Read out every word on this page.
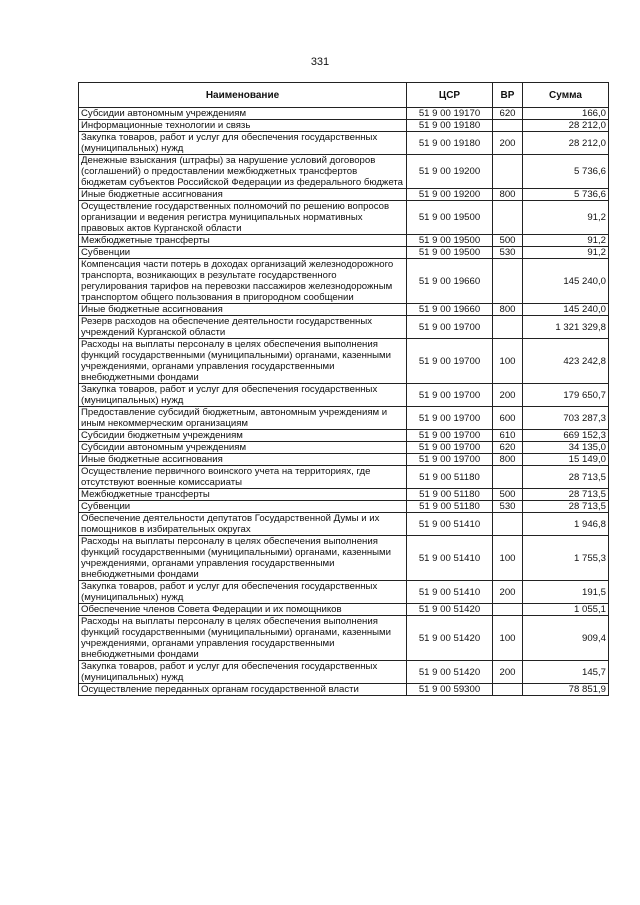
331
Наименование	ЦСР	ВР	Сумма
Субсидии автономным учреждениям	51 9 00 19170	620	166,0
Информационные технологии и связь	51 9 00 19180		28 212,0
Закупка товаров, работ и услуг для обеспечения государственных (муниципальных) нужд	51 9 00 19180	200	28 212,0
Денежные взыскания (штрафы) за нарушение условий договоров (соглашений) о предоставлении межбюджетных трансфертов бюджетам субъектов Российской Федерации из федерального бюджета	51 9 00 19200		5 736,6
Иные бюджетные ассигнования	51 9 00 19200	800	5 736,6
Осуществление государственных полномочий по решению вопросов организации и ведения регистра муниципальных нормативных правовых актов Курганской области	51 9 00 19500		91,2
Межбюджетные трансферты	51 9 00 19500	500	91,2
Субвенции	51 9 00 19500	530	91,2
Компенсация части потерь в доходах организаций железнодорожного транспорта, возникающих в результате государственного регулирования тарифов на перевозки пассажиров железнодорожным транспортом общего пользования в пригородном сообщении	51 9 00 19660		145 240,0
Иные бюджетные ассигнования	51 9 00 19660	800	145 240,0
Резерв расходов на обеспечение деятельности государственных учреждений Курганской области	51 9 00 19700		1 321 329,8
Расходы на выплаты персоналу в целях обеспечения выполнения функций государственными (муниципальными) органами, казенными учреждениями, органами управления государственными внебюджетными фондами	51 9 00 19700	100	423 242,8
Закупка товаров, работ и услуг для обеспечения государственных (муниципальных) нужд	51 9 00 19700	200	179 650,7
Предоставление субсидий бюджетным, автономным учреждениям и иным некоммерческим организациям	51 9 00 19700	600	703 287,3
Субсидии бюджетным учреждениям	51 9 00 19700	610	669 152,3
Субсидии автономным учреждениям	51 9 00 19700	620	34 135,0
Иные бюджетные ассигнования	51 9 00 19700	800	15 149,0
Осуществление первичного воинского учета на территориях, где отсутствуют военные комиссариаты	51 9 00 51180		28 713,5
Межбюджетные трансферты	51 9 00 51180	500	28 713,5
Субвенции	51 9 00 51180	530	28 713,5
Обеспечение деятельности депутатов Государственной Думы и их помощников в избирательных округах	51 9 00 51410		1 946,8
Расходы на выплаты персоналу в целях обеспечения выполнения функций государственными (муниципальными) органами, казенными учреждениями, органами управления государственными внебюджетными фондами	51 9 00 51410	100	1 755,3
Закупка товаров, работ и услуг для обеспечения государственных (муниципальных) нужд	51 9 00 51410	200	191,5
Обеспечение членов Совета Федерации и их помощников	51 9 00 51420		1 055,1
Расходы на выплаты персоналу в целях обеспечения выполнения функций государственными (муниципальными) органами, казенными учреждениями, органами управления государственными внебюджетными фондами	51 9 00 51420	100	909,4
Закупка товаров, работ и услуг для обеспечения государственных (муниципальных) нужд	51 9 00 51420	200	145,7
Осуществление переданных органам государственной власти	51 9 00 59300		78 851,9
